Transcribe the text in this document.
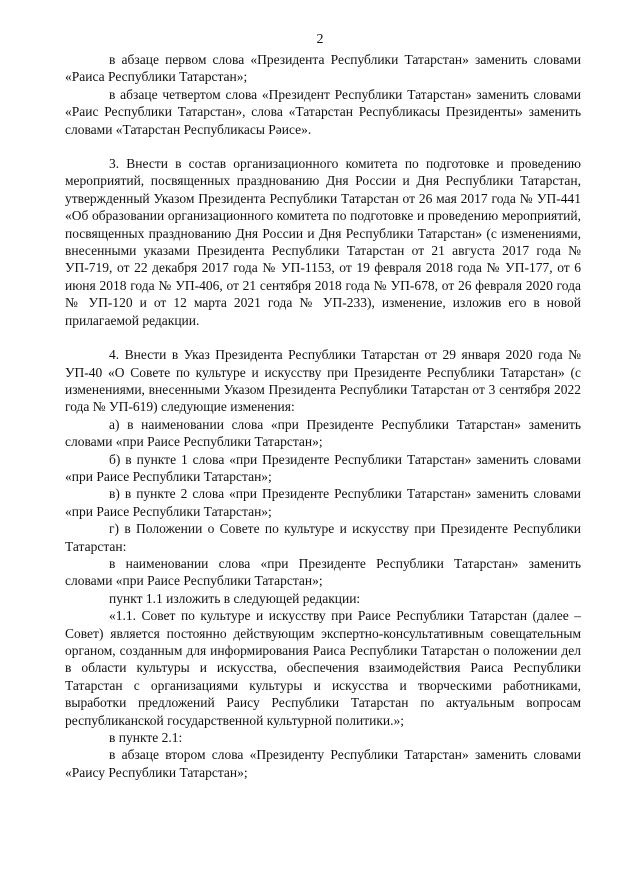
2

в абзаце первом слова «Президента Республики Татарстан» заменить словами «Раиса Республики Татарстан»;

в абзаце четвертом слова «Президент Республики Татарстан» заменить словами «Раис Республики Татарстан», слова «Татарстан Республикасы Президенты» заменить словами «Татарстан Республикасы Рәисе».

3. Внести в состав организационного комитета по подготовке и проведению мероприятий, посвященных празднованию Дня России и Дня Республики Татарстан, утвержденный Указом Президента Республики Татарстан от 26 мая 2017 года № УП-441 «Об образовании организационного комитета по подготовке и проведению мероприятий, посвященных празднованию Дня России и Дня Республики Татарстан» (с изменениями, внесенными указами Президента Республики Татарстан от 21 августа 2017 года № УП-719, от 22 декабря 2017 года № УП-1153, от 19 февраля 2018 года № УП-177, от 6 июня 2018 года № УП-406, от 21 сентября 2018 года № УП-678, от 26 февраля 2020 года № УП-120 и от 12 марта 2021 года № УП-233), изменение, изложив его в новой прилагаемой редакции.

4. Внести в Указ Президента Республики Татарстан от 29 января 2020 года № УП-40 «О Совете по культуре и искусству при Президенте Республики Татарстан» (с изменениями, внесенными Указом Президента Республики Татарстан от 3 сентября 2022 года № УП-619) следующие изменения:

а) в наименовании слова «при Президенте Республики Татарстан» заменить словами «при Раисе Республики Татарстан»;

б) в пункте 1 слова «при Президенте Республики Татарстан» заменить словами «при Раисе Республики Татарстан»;

в) в пункте 2 слова «при Президенте Республики Татарстан» заменить словами «при Раисе Республики Татарстан»;

г) в Положении о Совете по культуре и искусству при Президенте Республики Татарстан:

в наименовании слова «при Президенте Республики Татарстан» заменить словами «при Раисе Республики Татарстан»;

пункт 1.1 изложить в следующей редакции:

«1.1. Совет по культуре и искусству при Раисе Республики Татарстан (далее – Совет) является постоянно действующим экспертно-консультативным совещательным органом, созданным для информирования Раиса Республики Татарстан о положении дел в области культуры и искусства, обеспечения взаимодействия Раиса Республики Татарстан с организациями культуры и искусства и творческими работниками, выработки предложений Раису Республики Татарстан по актуальным вопросам республиканской государственной культурной политики.»;

в пункте 2.1:

в абзаце втором слова «Президенту Республики Татарстан» заменить словами «Раису Республики Татарстан»;
